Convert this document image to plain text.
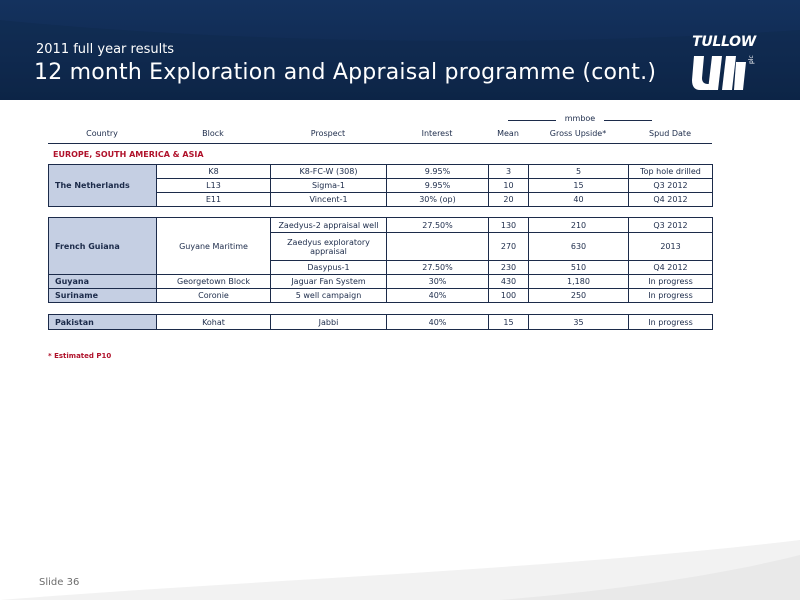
2011 full year results
12 month Exploration and Appraisal programme (cont.)
TULLOW
plc
mmboe
Country	Block	Prospect	Interest	Mean	Gross Upside*	Spud Date
EUROPE, SOUTH AMERICA & ASIA
The Netherlands	K8	K8-FC-W (308)	9.95%	3	5	Top hole drilled
	L13	Sigma-1	9.95%	10	15	Q3 2012
	E11	Vincent-1	30% (op)	20	40	Q4 2012
French Guiana	Guyane Maritime	Zaedyus-2 appraisal well	27.50%	130	210	Q3 2012
		Zaedyus exploratory appraisal		270	630	2013
		Dasypus-1	27.50%	230	510	Q4 2012
Guyana	Georgetown Block	Jaguar Fan System	30%	430	1,180	In progress
Suriname	Coronie	5 well campaign	40%	100	250	In progress
Pakistan	Kohat	Jabbi	40%	15	35	In progress
* Estimated P10
Slide 36
